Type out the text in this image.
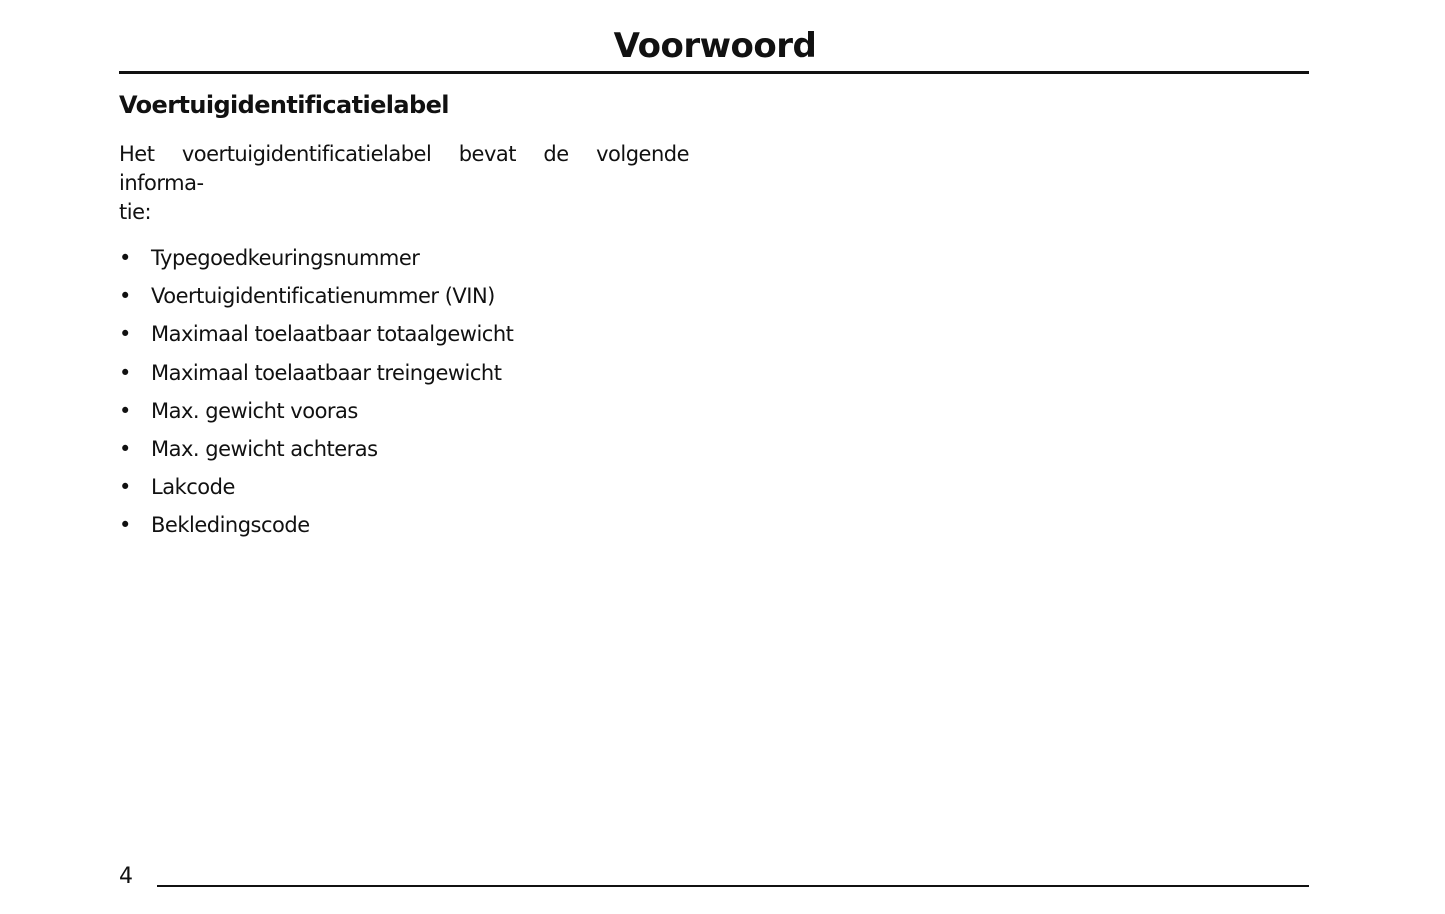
Voorwoord
Voertuigidentificatielabel

Het voertuigidentificatielabel bevat de volgende informa-
tie:

• Typegoedkeuringsnummer
• Voertuigidentificatienummer (VIN)
• Maximaal toelaatbaar totaalgewicht
• Maximaal toelaatbaar treingewicht
• Max. gewicht vooras
• Max. gewicht achteras
• Lakcode
• Bekledingscode
4
